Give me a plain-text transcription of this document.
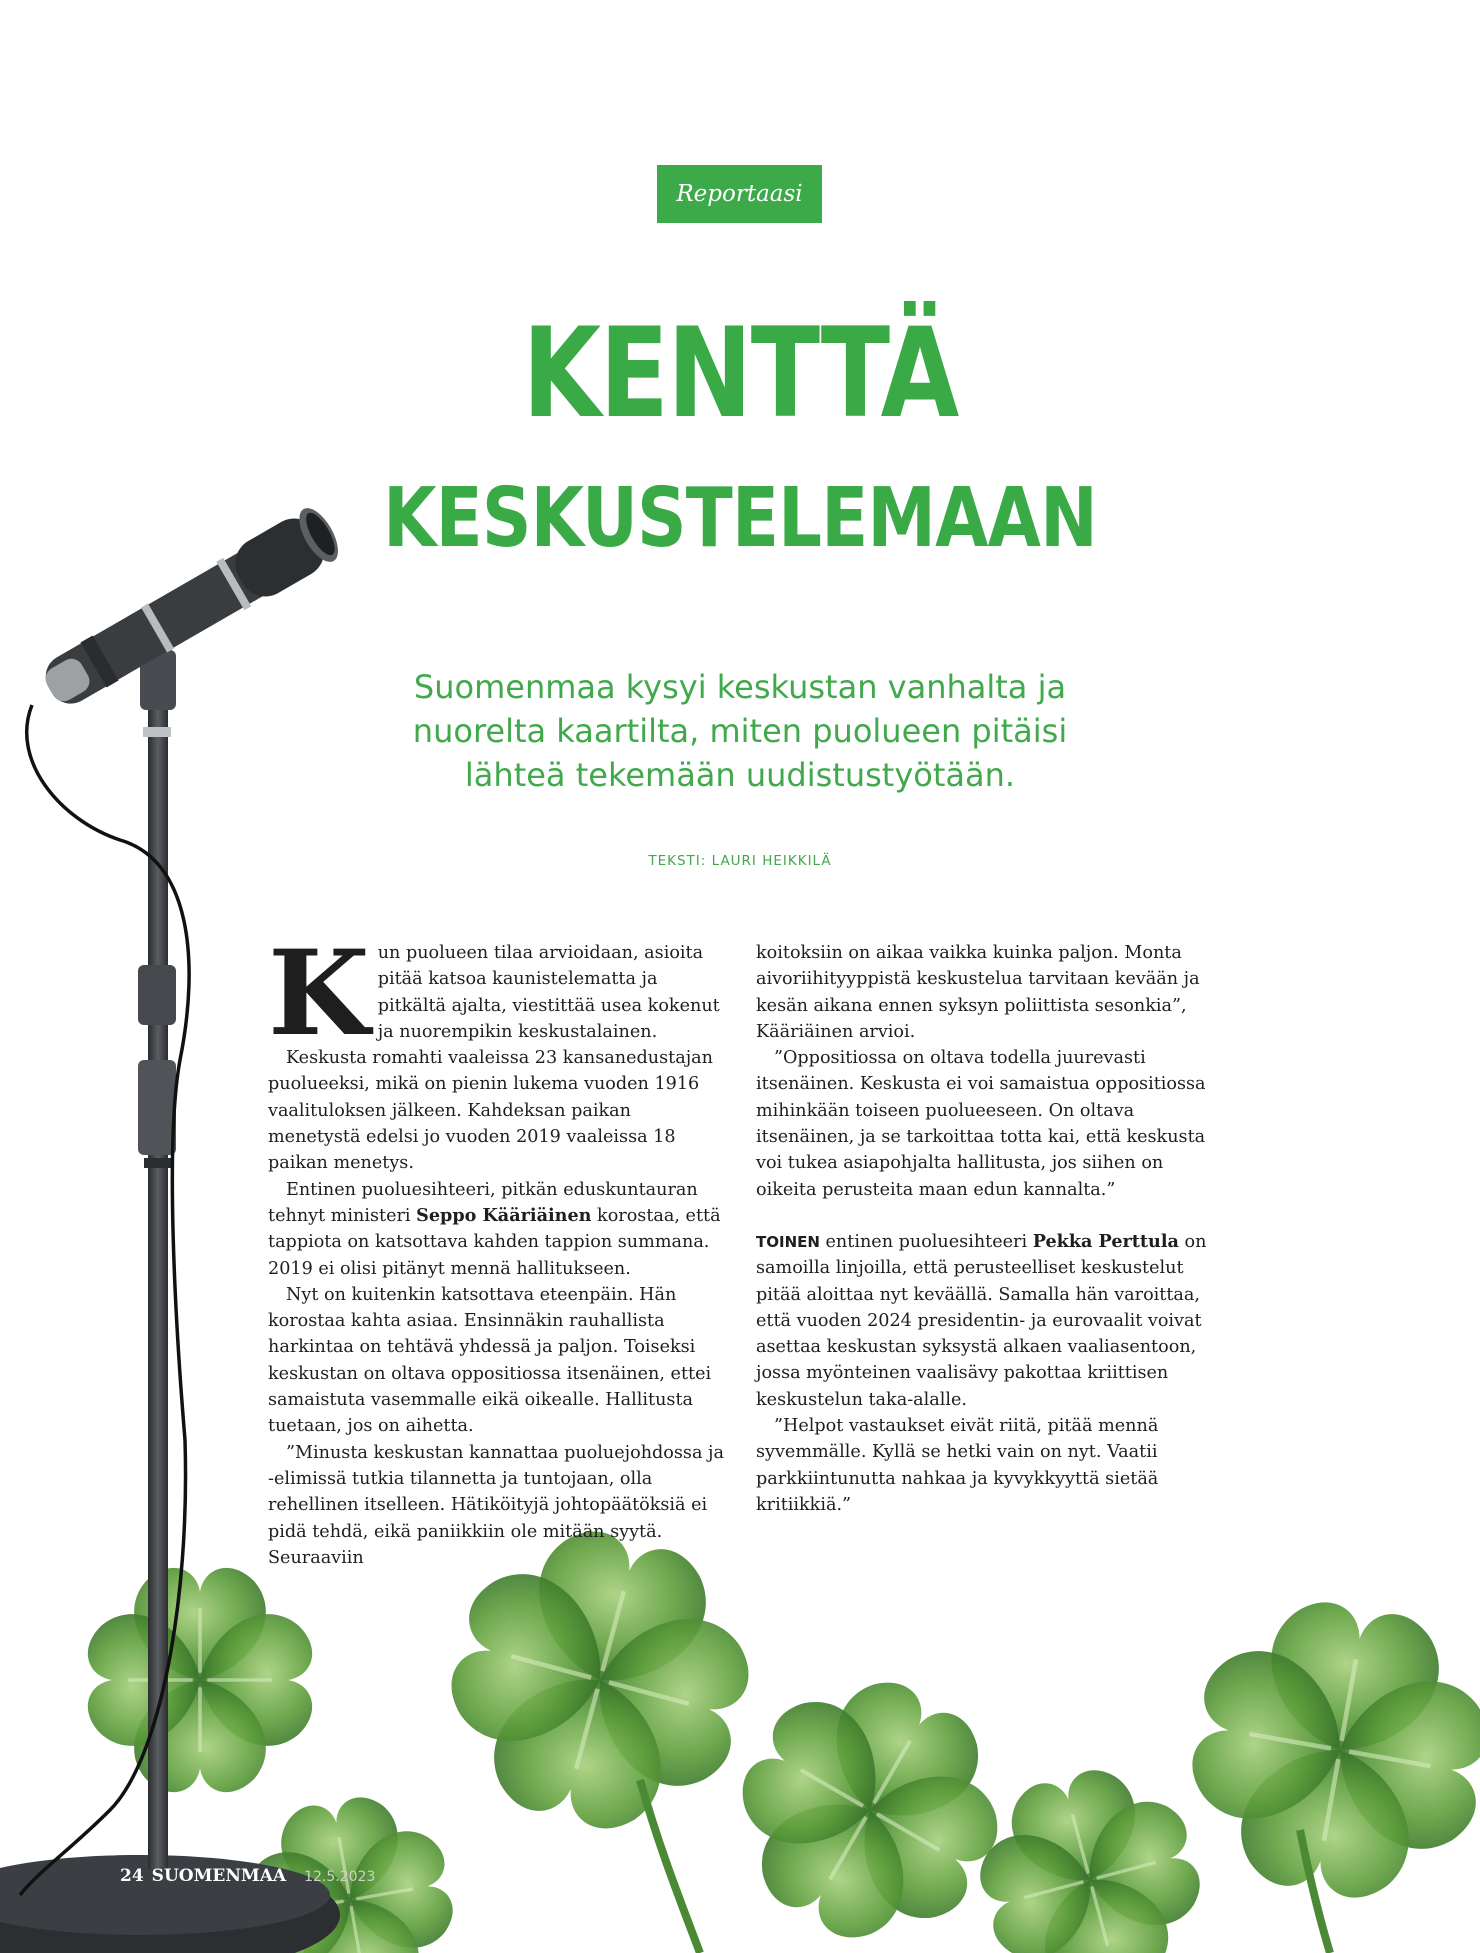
Reportaasi
KENTTÄ
KESKUSTELEMAAN
Suomenmaa kysyi keskustan vanhalta ja nuorelta kaartilta, miten puolueen pitäisi lähteä tekemään uudistustyötään.
TEKSTI: LAURI HEIKKILÄ

Kun puolueen tilaa arvioidaan, asioita pitää katsoa kaunistelematta ja pitkältä ajalta, viestittää usea kokenut ja nuorempikin keskustalainen.

Keskusta romahti vaaleissa 23 kansanedustajan puolueeksi, mikä on pienin lukema vuoden 1916 vaalituloksen jälkeen. Kahdeksan paikan menetystä edelsi jo vuoden 2019 vaaleissa 18 paikan menetys.

Entinen puoluesihteeri, pitkän eduskuntauran tehnyt ministeri Seppo Kääriäinen korostaa, että tappiota on katsottava kahden tappion summana. 2019 ei olisi pitänyt mennä hallitukseen.

Nyt on kuitenkin katsottava eteenpäin. Hän korostaa kahta asiaa. Ensinnäkin rauhallista harkintaa on tehtävä yhdessä ja paljon. Toiseksi keskustan on oltava oppositiossa itsenäinen, ettei samaistuta vasemmalle eikä oikealle. Hallitusta tuetaan, jos on aihetta.

”Minusta keskustan kannattaa puoluejohdossa ja -elimissä tutkia tilannetta ja tuntojaan, olla rehellinen itselleen. Hätiköityjä johtopäätöksiä ei pidä tehdä, eikä paniikkiin ole mitään syytä. Seuraaviin

koitoksiin on aikaa vaikka kuinka paljon. Monta aivoriihityyppistä keskustelua tarvitaan kevään ja kesän aikana ennen syksyn poliittista sesonkia”, Kääriäinen arvioi.

”Oppositiossa on oltava todella juurevasti itsenäinen. Keskusta ei voi samaistua oppositiossa mihinkään toiseen puolueeseen. On oltava itsenäinen, ja se tarkoittaa totta kai, että keskusta voi tukea asiapohjalta hallitusta, jos siihen on oikeita perusteita maan edun kannalta.”

TOINEN entinen puoluesihteeri Pekka Perttula on samoilla linjoilla, että perusteelliset keskustelut pitää aloittaa nyt keväällä. Samalla hän varoittaa, että vuoden 2024 presidentin- ja eurovaalit voivat asettaa keskustan syksystä alkaen vaaliasentoon, jossa myönteinen vaalisävy pakottaa kriittisen keskustelun taka-alalle.

”Helpot vastaukset eivät riitä, pitää mennä syvemmälle. Kyllä se hetki vain on nyt. Vaatii parkkiintunutta nahkaa ja kyvykkyyttä sietää kritiikkiä.”

24 SUOMENMAA 12.5.2023
